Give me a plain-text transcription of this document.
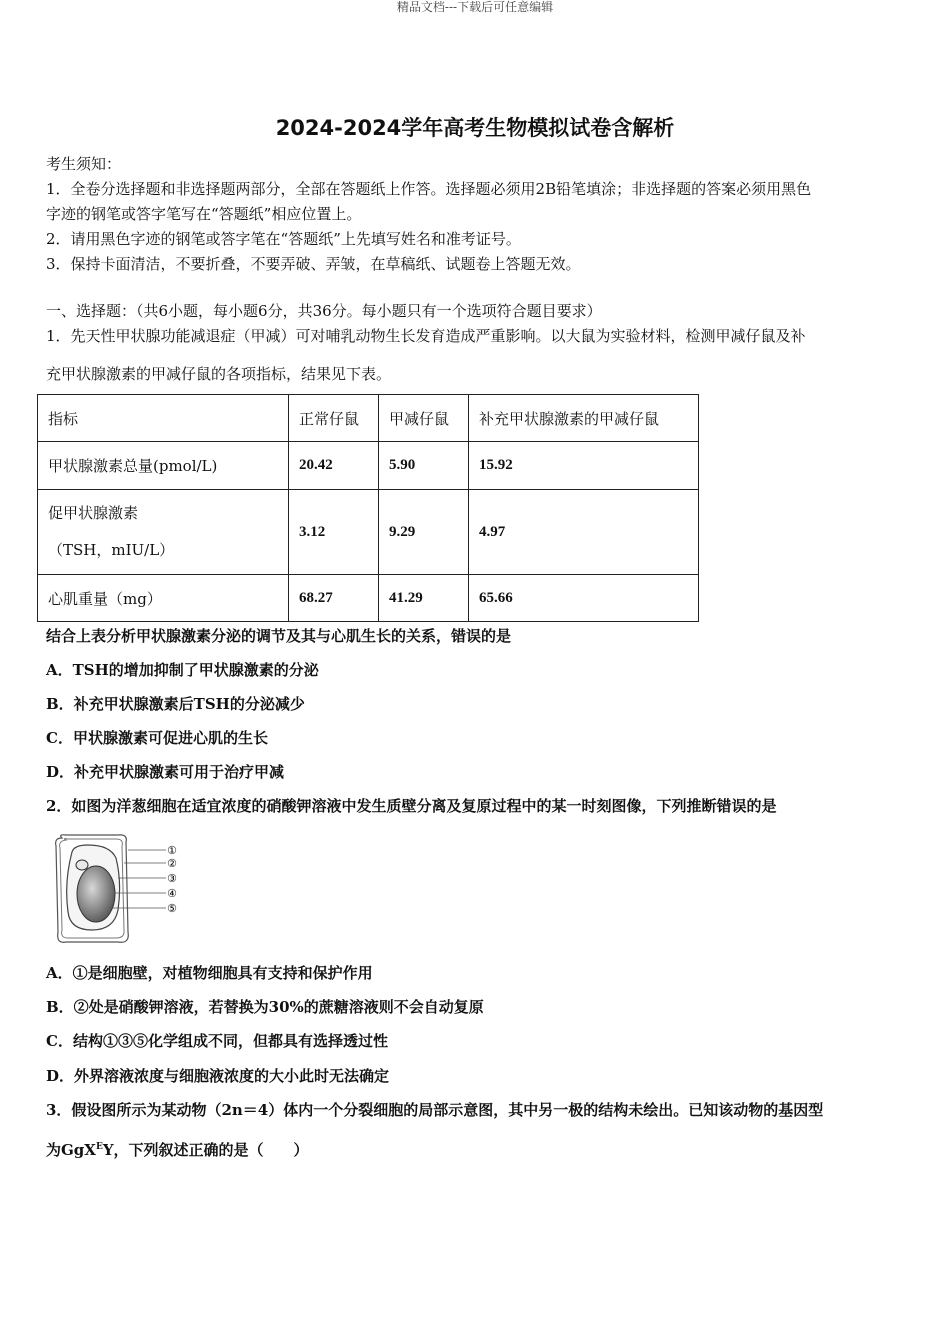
精品文档---下载后可任意编辑
2024-2024学年高考生物模拟试卷含解析
考生须知：
1．全卷分选择题和非选择题两部分，全部在答题纸上作答。选择题必须用2B铅笔填涂；非选择题的答案必须用黑色
字迹的钢笔或答字笔写在“答题纸”相应位置上。
2．请用黑色字迹的钢笔或答字笔在“答题纸”上先填写姓名和准考证号。
3．保持卡面清洁，不要折叠，不要弄破、弄皱，在草稿纸、试题卷上答题无效。
一、选择题：（共6小题，每小题6分，共36分。每小题只有一个选项符合题目要求）
1．先天性甲状腺功能减退症（甲减）可对哺乳动物生长发育造成严重影响。以大鼠为实验材料，检测甲减仔鼠及补
充甲状腺激素的甲减仔鼠的各项指标，结果见下表。
指标	正常仔鼠	甲减仔鼠	补充甲状腺激素的甲减仔鼠
甲状腺激素总量(pmol/L)	20.42	5.90	15.92

促甲状腺激素
（TSH，mIU/L）	3.12	9.29	4.97
心肌重量（mg）	68.27	41.29	65.66
结合上表分析甲状腺激素分泌的调节及其与心肌生长的关系，错误的是
A．TSH的增加抑制了甲状腺激素的分泌
B．补充甲状腺激素后TSH的分泌减少
C．甲状腺激素可促进心肌的生长
D．补充甲状腺激素可用于治疗甲减
2．如图为洋葱细胞在适宜浓度的硝酸钾溶液中发生质壁分离及复原过程中的某一时刻图像，下列推断错误的是
①
②
③
④
⑤
A．①是细胞壁，对植物细胞具有支持和保护作用
B．②处是硝酸钾溶液，若替换为30%的蔗糖溶液则不会自动复原
C．结构①③⑤化学组成不同，但都具有选择透过性
D．外界溶液浓度与细胞液浓度的大小此时无法确定
3．假设图所示为某动物（2n＝4）体内一个分裂细胞的局部示意图，其中另一极的结构未绘出。已知该动物的基因型
为GgX$^E$Y，下列叙述正确的是（　　）
